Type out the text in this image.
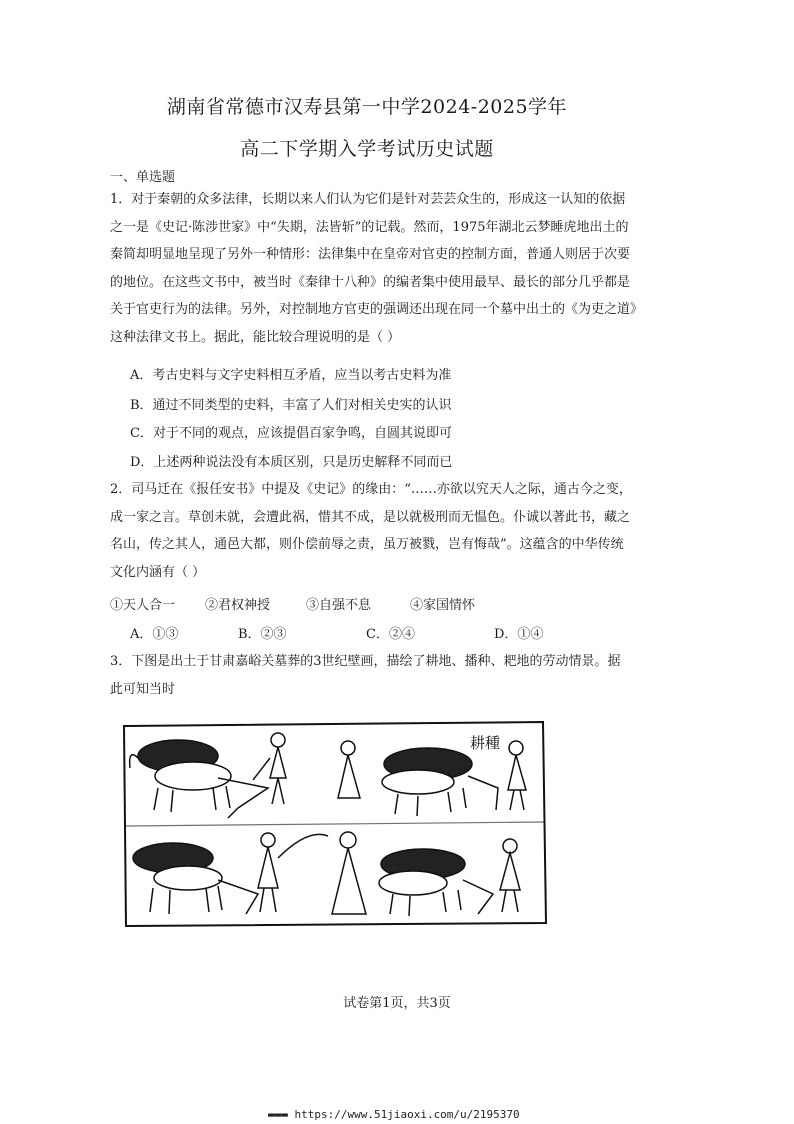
湖南省常德市汉寿县第一中学2024-2025学年
高二下学期入学考试历史试题
一、单选题
1．对于秦朝的众多法律，长期以来人们认为它们是针对芸芸众生的，形成这一认知的依据
之一是《史记·陈涉世家》中“失期，法皆斩”的记载。然而，1975年湖北云梦睡虎地出土的
秦简却明显地呈现了另外一种情形：法律集中在皇帝对官吏的控制方面，普通人则居于次要
的地位。在这些文书中，被当时《秦律十八种》的编者集中使用最早、最长的部分几乎都是
关于官吏行为的法律。另外，对控制地方官吏的强调还出现在同一个墓中出土的《为吏之道》
这种法律文书上。据此，能比较合理说明的是（ ）
A．考古史料与文字史料相互矛盾，应当以考古史料为准
B．通过不同类型的史料，丰富了人们对相关史实的认识
C．对于不同的观点，应该提倡百家争鸣，自圆其说即可
D．上述两种说法没有本质区别，只是历史解释不同而已
2．司马迁在《报任安书》中提及《史记》的缘由：“……亦欲以究天人之际，通古今之变，
成一家之言。草创未就，会遭此祸，惜其不成，是以就极刑而无愠色。仆诚以著此书，藏之
名山，传之其人，通邑大都，则仆偿前辱之责，虽万被戮，岂有悔哉”。这蕴含的中华传统
文化内涵有（ ）
①天人合一 ②君权神授	③自强不息	④家国情怀
A．①③	B．②③	C．②④	D．①④
3．下图是出土于甘肃嘉峪关墓葬的3世纪壁画，描绘了耕地、播种、耙地的劳动情景。据
此可知当时
耕種
试卷第1页，共3页
▬▬▬ https://www.51jiaoxi.com/u/2195370
